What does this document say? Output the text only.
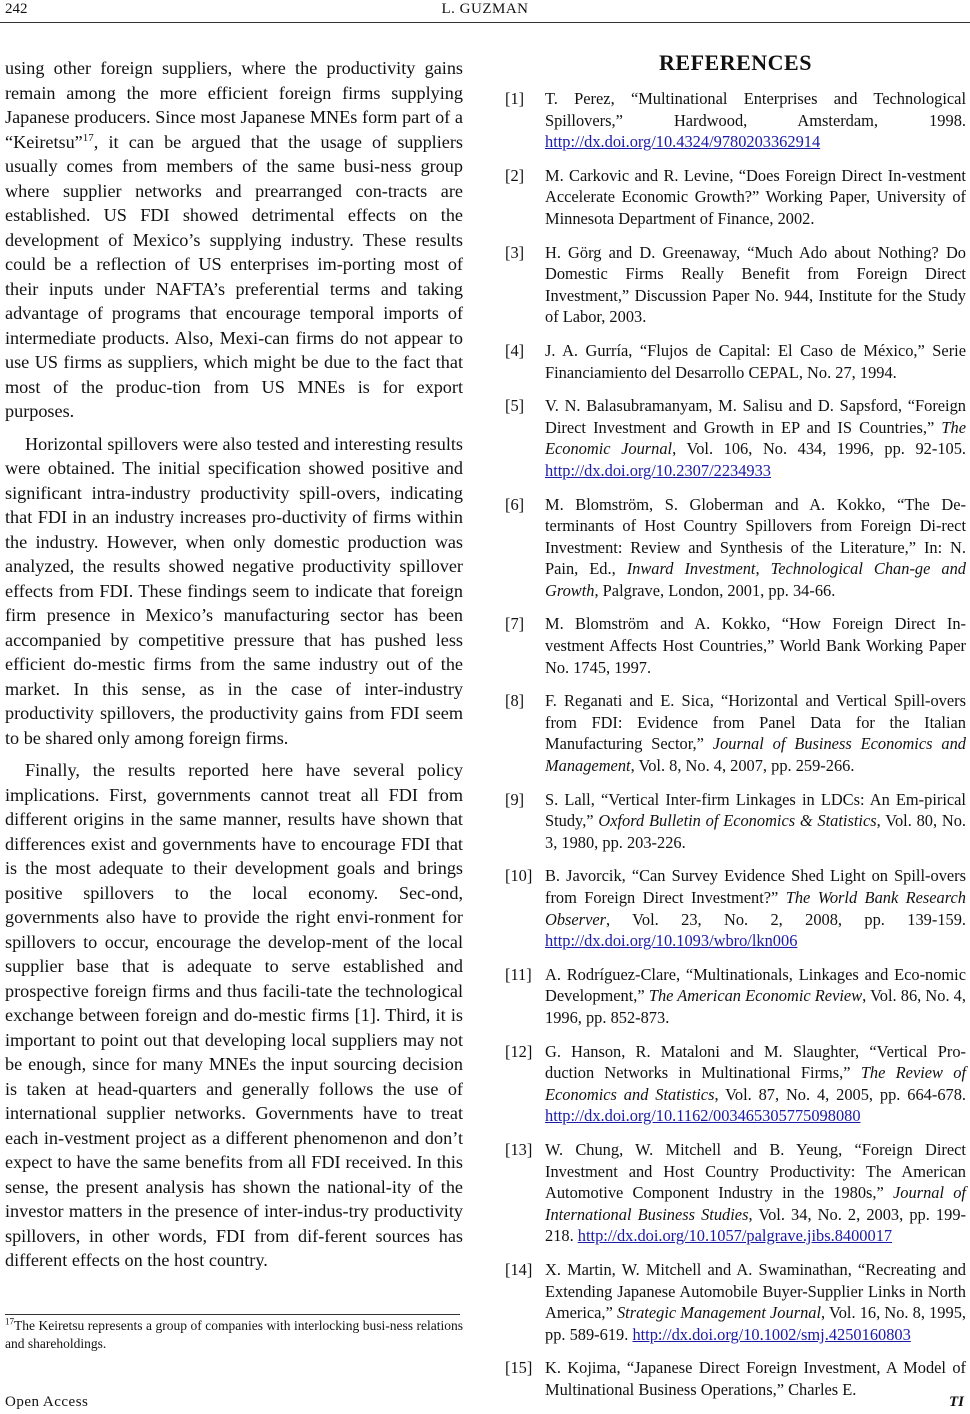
242	L. GUZMAN

using other foreign suppliers, where the productivity gains remain among the more efficient foreign firms supplying Japanese producers. Since most Japanese MNEs form part of a “Keiretsu”$^{17}$, it can be argued that the usage of suppliers usually comes from members of the same busi-ness group where supplier networks and prearranged con-tracts are established. US FDI showed detrimental effects on the development of Mexico’s supplying industry. These results could be a reflection of US enterprises im-porting most of their inputs under NAFTA’s preferential terms and taking advantage of programs that encourage temporal imports of intermediate products. Also, Mexi-can firms do not appear to use US firms as suppliers, which might be due to the fact that most of the produc-tion from US MNEs is for export purposes.

Horizontal spillovers were also tested and interesting results were obtained. The initial specification showed positive and significant intra-industry productivity spill-overs, indicating that FDI in an industry increases pro-ductivity of firms within the industry. However, when only domestic production was analyzed, the results showed negative productivity spillover effects from FDI. These findings seem to indicate that foreign firm presence in Mexico’s manufacturing sector has been accompanied by competitive pressure that has pushed less efficient do-mestic firms from the same industry out of the market. In this sense, as in the case of inter-industry productivity spillovers, the productivity gains from FDI seem to be shared only among foreign firms.

Finally, the results reported here have several policy implications. First, governments cannot treat all FDI from different origins in the same manner, results have shown that differences exist and governments have to encourage FDI that is the most adequate to their development goals and brings positive spillovers to the local economy. Sec-ond, governments also have to provide the right envi-ronment for spillovers to occur, encourage the develop-ment of the local supplier base that is adequate to serve established and prospective foreign firms and thus facili-tate the technological exchange between foreign and do-mestic firms [1]. Third, it is important to point out that developing local suppliers may not be enough, since for many MNEs the input sourcing decision is taken at head-quarters and generally follows the use of international supplier networks. Governments have to treat each in-vestment project as a different phenomenon and don’t expect to have the same benefits from all FDI received. In this sense, the present analysis has shown the national-ity of the investor matters in the presence of inter-indus-try productivity spillovers, in other words, FDI from dif-ferent sources has different effects on the host country.

$^{17}$The Keiretsu represents a group of companies with interlocking busi-ness relations and shareholdings.
REFERENCES
[1]	T. Perez, “Multinational Enterprises and Technological Spillovers,” Hardwood, Amsterdam, 1998. http://dx.doi.org/10.4324/9780203362914
[2]	M. Carkovic and R. Levine, “Does Foreign Direct In-vestment Accelerate Economic Growth?” Working Paper, University of Minnesota Department of Finance, 2002.
[3]	H. Görg and D. Greenaway, “Much Ado about Nothing? Do Domestic Firms Really Benefit from Foreign Direct Investment,” Discussion Paper No. 944, Institute for the Study of Labor, 2003.
[4]	J. A. Gurría, “Flujos de Capital: El Caso de México,” Serie Financiamiento del Desarrollo CEPAL, No. 27, 1994.
[5]	V. N. Balasubramanyam, M. Salisu and D. Sapsford, “Foreign Direct Investment and Growth in EP and IS Countries,” The Economic Journal, Vol. 106, No. 434, 1996, pp. 92-105. http://dx.doi.org/10.2307/2234933
[6]	M. Blomström, S. Globerman and A. Kokko, “The De-terminants of Host Country Spillovers from Foreign Di-rect Investment: Review and Synthesis of the Literature,” In: N. Pain, Ed., Inward Investment, Technological Chan-ge and Growth, Palgrave, London, 2001, pp. 34-66.
[7]	M. Blomström and A. Kokko, “How Foreign Direct In-vestment Affects Host Countries,” World Bank Working Paper No. 1745, 1997.
[8]	F. Reganati and E. Sica, “Horizontal and Vertical Spill-overs from FDI: Evidence from Panel Data for the Italian Manufacturing Sector,” Journal of Business Economics and Management, Vol. 8, No. 4, 2007, pp. 259-266.
[9]	S. Lall, “Vertical Inter-firm Linkages in LDCs: An Em-pirical Study,” Oxford Bulletin of Economics & Statistics, Vol. 80, No. 3, 1980, pp. 203-226.
[10] B. Javorcik, “Can Survey Evidence Shed Light on Spill-overs from Foreign Direct Investment?” The World Bank Research Observer, Vol. 23, No. 2, 2008, pp. 139-159. http://dx.doi.org/10.1093/wbro/lkn006
[11] A. Rodríguez-Clare, “Multinationals, Linkages and Eco-nomic Development,” The American Economic Review, Vol. 86, No. 4, 1996, pp. 852-873.
[12] G. Hanson, R. Mataloni and M. Slaughter, “Vertical Pro-duction Networks in Multinational Firms,” The Review of Economics and Statistics, Vol. 87, No. 4, 2005, pp. 664-678. http://dx.doi.org/10.1162/003465305775098080
[13] W. Chung, W. Mitchell and B. Yeung, “Foreign Direct Investment and Host Country Productivity: The American Automotive Component Industry in the 1980s,” Journal of International Business Studies, Vol. 34, No. 2, 2003, pp. 199-218. http://dx.doi.org/10.1057/palgrave.jibs.8400017
[14] X. Martin, W. Mitchell and A. Swaminathan, “Recreating and Extending Japanese Automobile Buyer-Supplier Links in North America,” Strategic Management Journal, Vol. 16, No. 8, 1995, pp. 589-619. http://dx.doi.org/10.1002/smj.4250160803
[15] K. Kojima, “Japanese Direct Foreign Investment, A Model of Multinational Business Operations,” Charles E.
Open Access	TI
